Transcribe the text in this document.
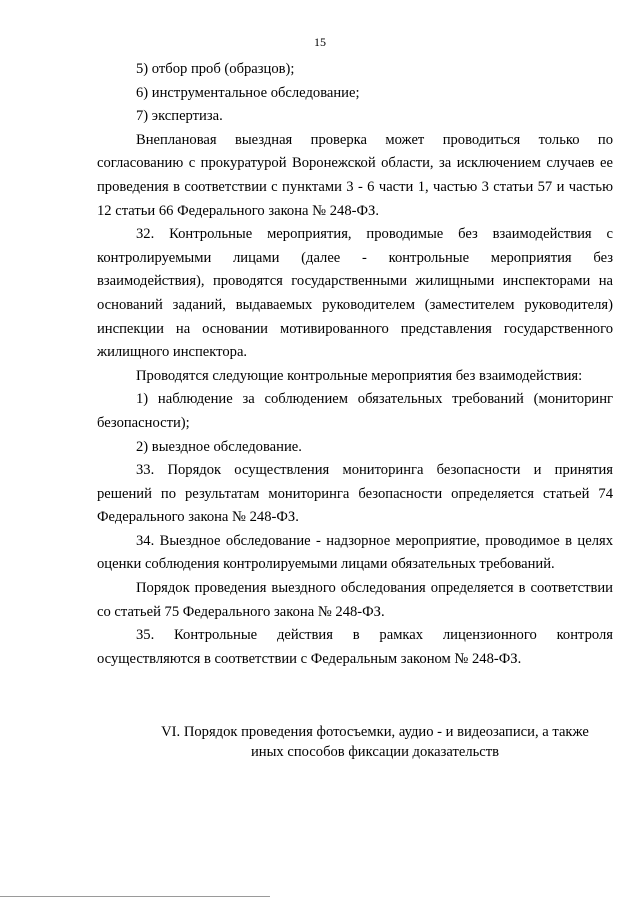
15

5) отбор проб (образцов);

6) инструментальное обследование;

7) экспертиза.

Внеплановая выездная проверка может проводиться только по согласованию с прокуратурой Воронежской области, за исключением случаев ее проведения в соответствии с пунктами 3 - 6 части 1, частью 3 статьи 57 и частью 12 статьи 66 Федерального закона № 248-ФЗ.

32. Контрольные мероприятия, проводимые без взаимодействия с контролируемыми лицами (далее - контрольные мероприятия без взаимодействия), проводятся государственными жилищными инспекторами на оснований заданий, выдаваемых руководителем (заместителем руководителя) инспекции на основании мотивированного представления государственного жилищного инспектора.

Проводятся следующие контрольные мероприятия без взаимодействия:

1) наблюдение за соблюдением обязательных требований (мониторинг безопасности);

2) выездное обследование.

33. Порядок осуществления мониторинга безопасности и принятия решений по результатам мониторинга безопасности определяется статьей 74 Федерального закона № 248-ФЗ.

34. Выездное обследование - надзорное мероприятие, проводимое в целях оценки соблюдения контролируемыми лицами обязательных требований.

Порядок проведения выездного обследования определяется в соответствии со статьей 75 Федерального закона № 248-ФЗ.

35. Контрольные действия в рамках лицензионного контроля осуществляются в соответствии с Федеральным законом № 248-ФЗ.

VI. Порядок проведения фотосъемки, аудио - и видеозаписи, а также
иных способов фиксации доказательств
